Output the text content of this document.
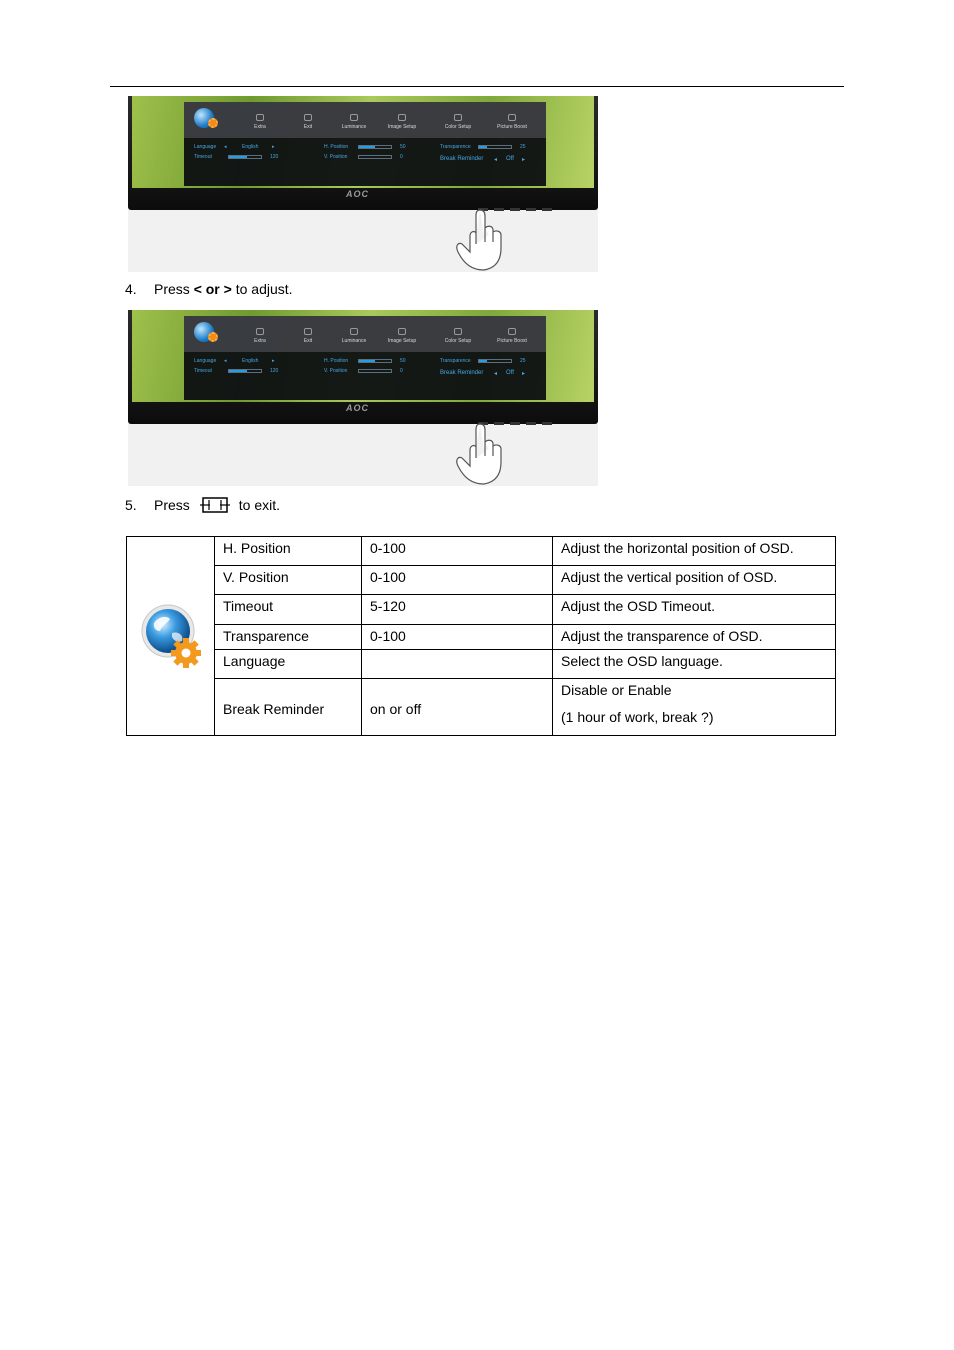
Extra	Exit	Luminance	Image Setup	Color Setup	Picture Boost
Language ◂	English	▸
Timeout	120
H. Position	50
V. Position	0
Transparence	25
Break Reminder ◂ Off ▸
AOC
4. Press < or > to adjust.
Extra	Exit	Luminance	Image Setup	Color Setup	Picture Boost
Language ◂	English	▸
Timeout	120
H. Position	50
V. Position	0
Transparence	25
Break Reminder ◂ Off ▸
AOC
5. Press	to exit.
	H. Position	0-100	Adjust the horizontal position of OSD.
	V. Position	0-100	Adjust the vertical position of OSD.
	Timeout	5-120	Adjust the OSD Timeout.
	Transparence	0-100	Adjust the transparence of OSD.
	Language		Select the OSD language.
	Break Reminder	on or off	Disable or Enable
(1 hour of work, break ?)
